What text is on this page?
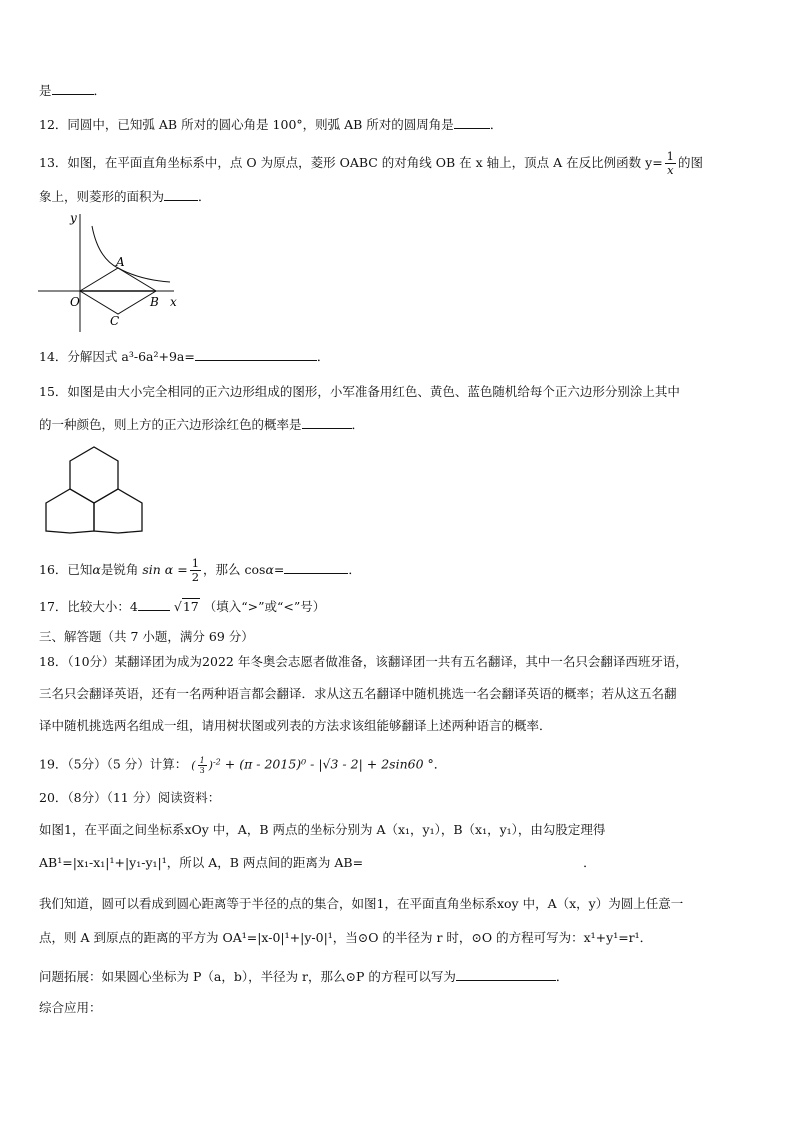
是	．
12．同圆中，已知弧 AB 所对的圆心角是 100°，则弧 AB 所对的圆周角是	．
13．如图，在平面直角坐标系中，点 O 为原点，菱形 OABC 的对角线 OB 在 x 轴上，顶点 A 在反比例函数 $y= \frac{1}{x}$ 的图
象上，则菱形的面积为	．
y
A
O	B x
C
14．分解因式 a³-6a²+9a=	．
15．如图是由大小完全相同的正六边形组成的图形，小军准备用红色、黄色、蓝色随机给每个正六边形分别涂上其中
的一种颜色，则上方的正六边形涂红色的概率是	．
16．已知α是锐角 $\sin \alpha = \frac{1}{2}$ ，那么 cosα=	．
17．比较大小：4	√17 （填入“>”或“<”号）
三、解答题（共 7 小题，满分 69 分）
18．（10分）某翻译团为成为2022 年冬奥会志愿者做准备，该翻译团一共有五名翻译，其中一名只会翻译西班牙语，
三名只会翻译英语，还有一名两种语言都会翻译．求从这五名翻译中随机挑选一名会翻译英语的概率；若从这五名翻
译中随机挑选两名组成一组，请用树状图或列表的方法求该组能够翻译上述两种语言的概率．
19．（5分）（5 分）计算： ( $\frac{1}{3} )^{-2} + (\pi - 2015)^0 - |√3 - 2| + 2\sin 60$ °．
20．（8分）（11 分）阅读资料：
如图1，在平面之间坐标系xOy 中，A，B 两点的坐标分别为 A（x₁，y₁），B（x₁，y₁），由勾股定理得
AB¹=|x₁-x₁|¹+|y₁-y₁|¹，所以 A，B 两点间的距离为 AB=	．
我们知道，圆可以看成到圆心距离等于半径的点的集合，如图1，在平面直角坐标系xoy 中，A（x，y）为圆上任意一
点，则 A 到原点的距离的平方为 OA¹=|x-0|¹+|y-0|¹，当⊙O 的半径为 r 时，⊙O 的方程可写为：x¹+y¹=r¹．
问题拓展：如果圆心坐标为 P（a，b），半径为 r，那么⊙P 的方程可以写为	．
综合应用：
